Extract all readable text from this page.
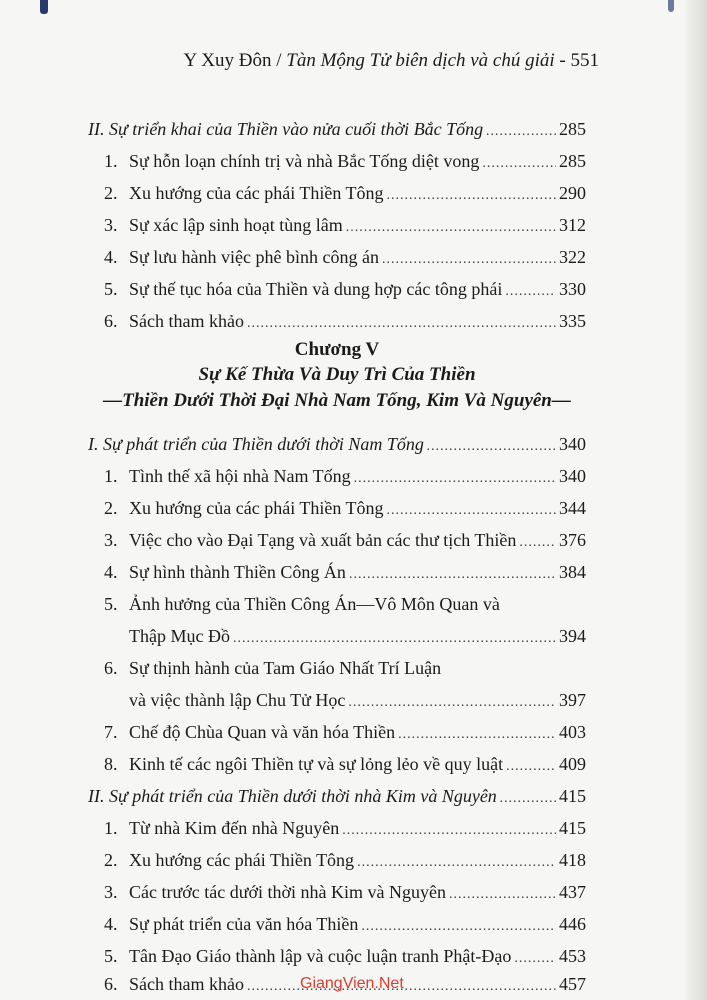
Y Xuy Đôn / Tàn Mộng Tử biên dịch và chú giải - 551
II. Sự triển khai của Thiền vào nửa cuối thời Bắc Tống .....	285
1. Sự hỗn loạn chính trị và nhà Bắc Tống diệt vong .....	285
2. Xu hướng của các phái Thiền Tông .....	290
3. Sự xác lập sinh hoạt tùng lâm .....	312
4. Sự lưu hành việc phê bình công án .....	322
5. Sự thế tục hóa của Thiền và dung hợp các tông phái .....	330
6. Sách tham khảo .....	335
Chương V
Sự Kế Thừa Và Duy Trì Của Thiền
—Thiền Dưới Thời Đại Nhà Nam Tống, Kim Và Nguyên—
I. Sự phát triển của Thiền dưới thời Nam Tống .....	340
1. Tình thế xã hội nhà Nam Tống .....	340
2. Xu hướng của các phái Thiền Tông .....	344
3. Việc cho vào Đại Tạng và xuất bản các thư tịch Thiền ..... 376
4. Sự hình thành Thiền Công Án .....	384
5. Ảnh hưởng của Thiền Công Án—Vô Môn Quan và
Thập Mục Đồ .....	394
6. Sự thịnh hành của Tam Giáo Nhất Trí Luận
và việc thành lập Chu Tử Học .....	397
7. Chế độ Chùa Quan và văn hóa Thiền .....	403
8. Kinh tế các ngôi Thiền tự và sự lỏng lẻo về quy luật .....	409
II. Sự phát triển của Thiền dưới thời nhà Kim và Nguyên .....	415
1. Từ nhà Kim đến nhà Nguyên .....	415
2. Xu hướng các phái Thiền Tông .....	418
3. Các trước tác dưới thời nhà Kim và Nguyên .....	437
4. Sự phát triển của văn hóa Thiền .....	446
5. Tân Đạo Giáo thành lập và cuộc luận tranh Phật-Đạo .....	453
6. Sách tham khảo .....	457
GiangVien.Net
